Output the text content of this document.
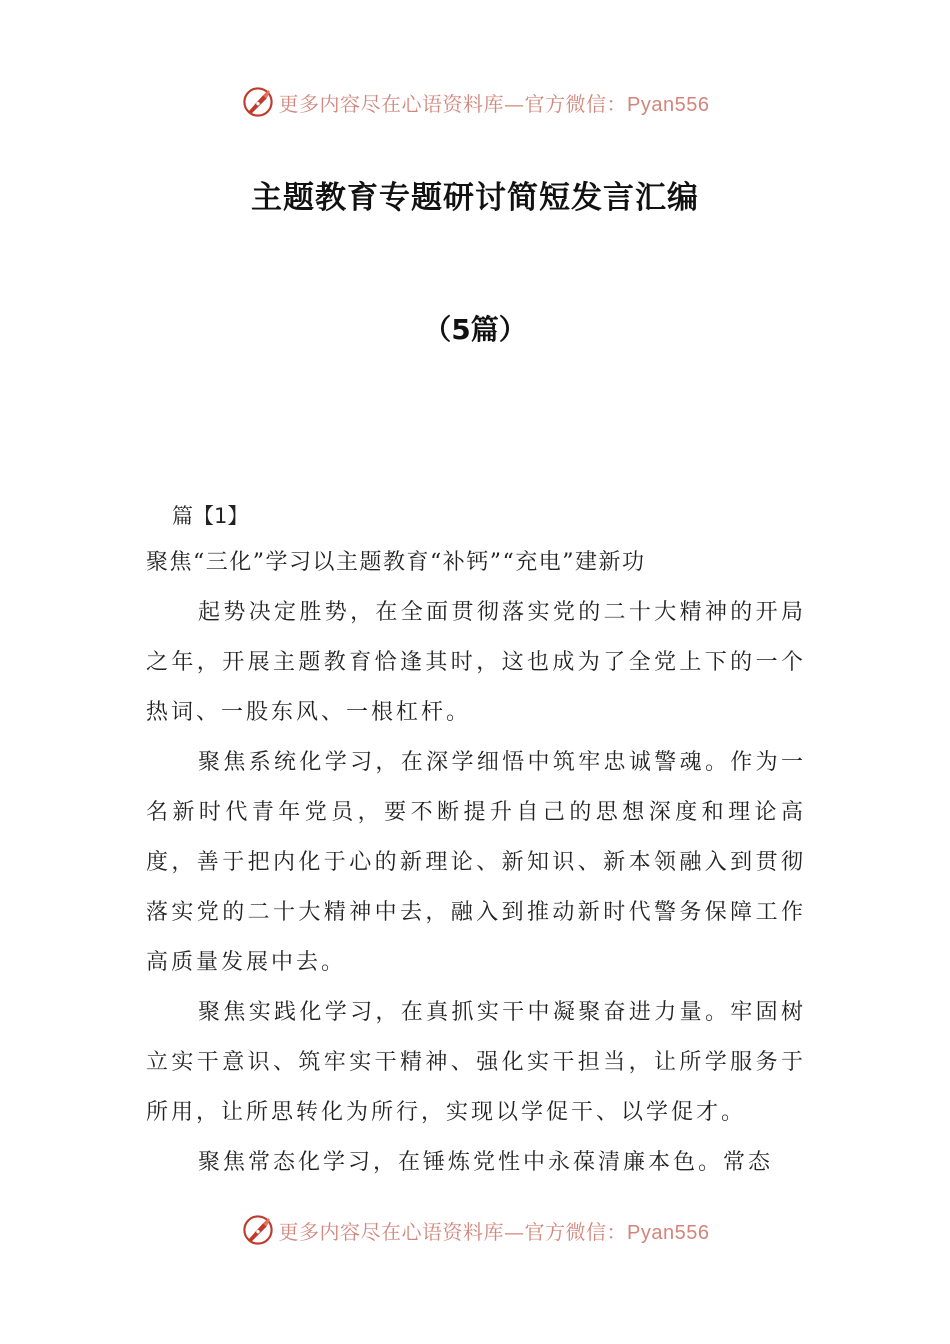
更多内容尽在心语资料库—官方微信：Pyan556
主题教育专题研讨简短发言汇编
（5篇）
篇【1】
聚焦“三化”学习以主题教育“补钙”“充电”建新功

起势决定胜势，在全面贯彻落实党的二十大精神的开局之年，开展主题教育恰逢其时，这也成为了全党上下的一个热词、一股东风、一根杠杆。

聚焦系统化学习，在深学细悟中筑牢忠诚警魂。作为一名新时代青年党员，要不断提升自己的思想深度和理论高度，善于把内化于心的新理论、新知识、新本领融入到贯彻落实党的二十大精神中去，融入到推动新时代警务保障工作高质量发展中去。

聚焦实践化学习，在真抓实干中凝聚奋进力量。牢固树立实干意识、筑牢实干精神、强化实干担当，让所学服务于所用，让所思转化为所行，实现以学促干、以学促才。

聚焦常态化学习，在锤炼党性中永葆清廉本色。常态

更多内容尽在心语资料库—官方微信：Pyan556
